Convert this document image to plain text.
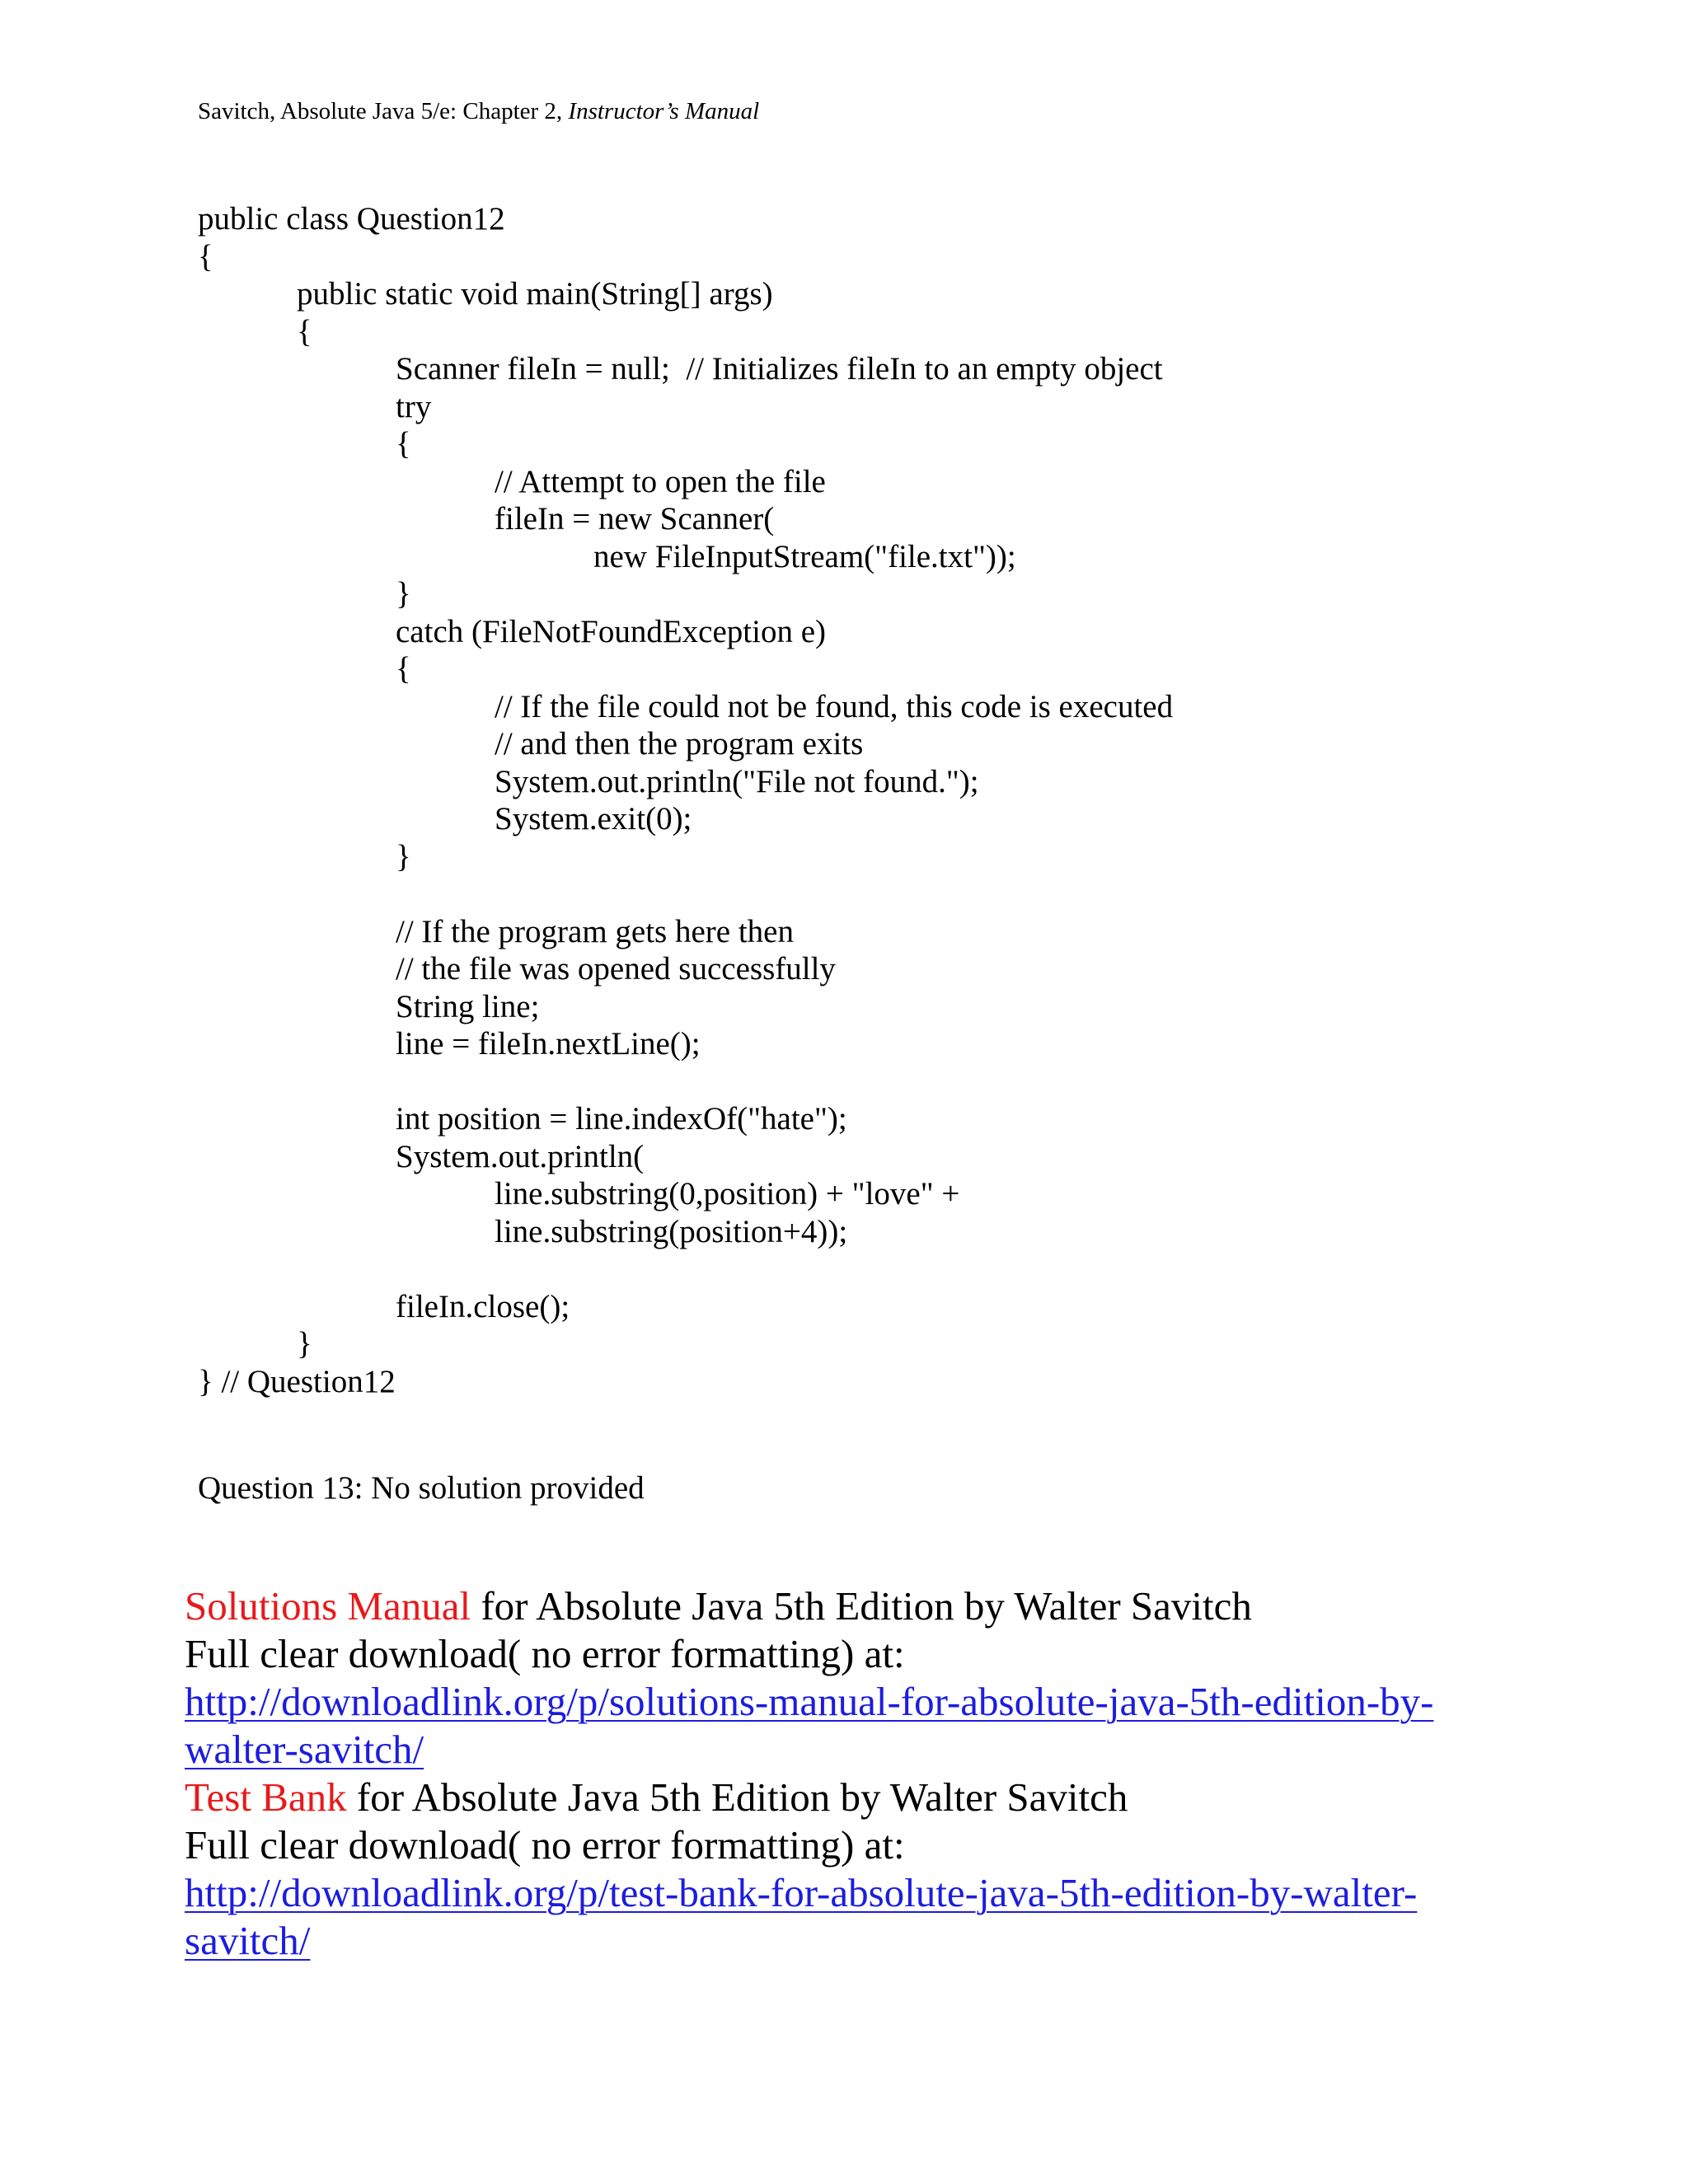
Savitch, Absolute Java 5/e: Chapter 2, Instructor’s Manual
public class Question12
{
public static void main(String[] args)
{
Scanner fileIn = null;  // Initializes fileIn to an empty object
try
{
// Attempt to open the file
fileIn = new Scanner(
new FileInputStream("file.txt"));
}
catch (FileNotFoundException e)
{
// If the file could not be found, this code is executed
// and then the program exits
System.out.println("File not found.");
System.exit(0);
}
// If the program gets here then
// the file was opened successfully
String line;
line = fileIn.nextLine();
int position = line.indexOf("hate");
System.out.println(
line.substring(0,position) + "love" +
line.substring(position+4));
fileIn.close();
}
} // Question12
Question 13: No solution provided
Solutions Manual for Absolute Java 5th Edition by Walter Savitch
Full clear download( no error formatting) at:
http://downloadlink.org/p/solutions-manual-for-absolute-java-5th-edition-by-
walter-savitch/
Test Bank for Absolute Java 5th Edition by Walter Savitch
Full clear download( no error formatting) at:
http://downloadlink.org/p/test-bank-for-absolute-java-5th-edition-by-walter-
savitch/
